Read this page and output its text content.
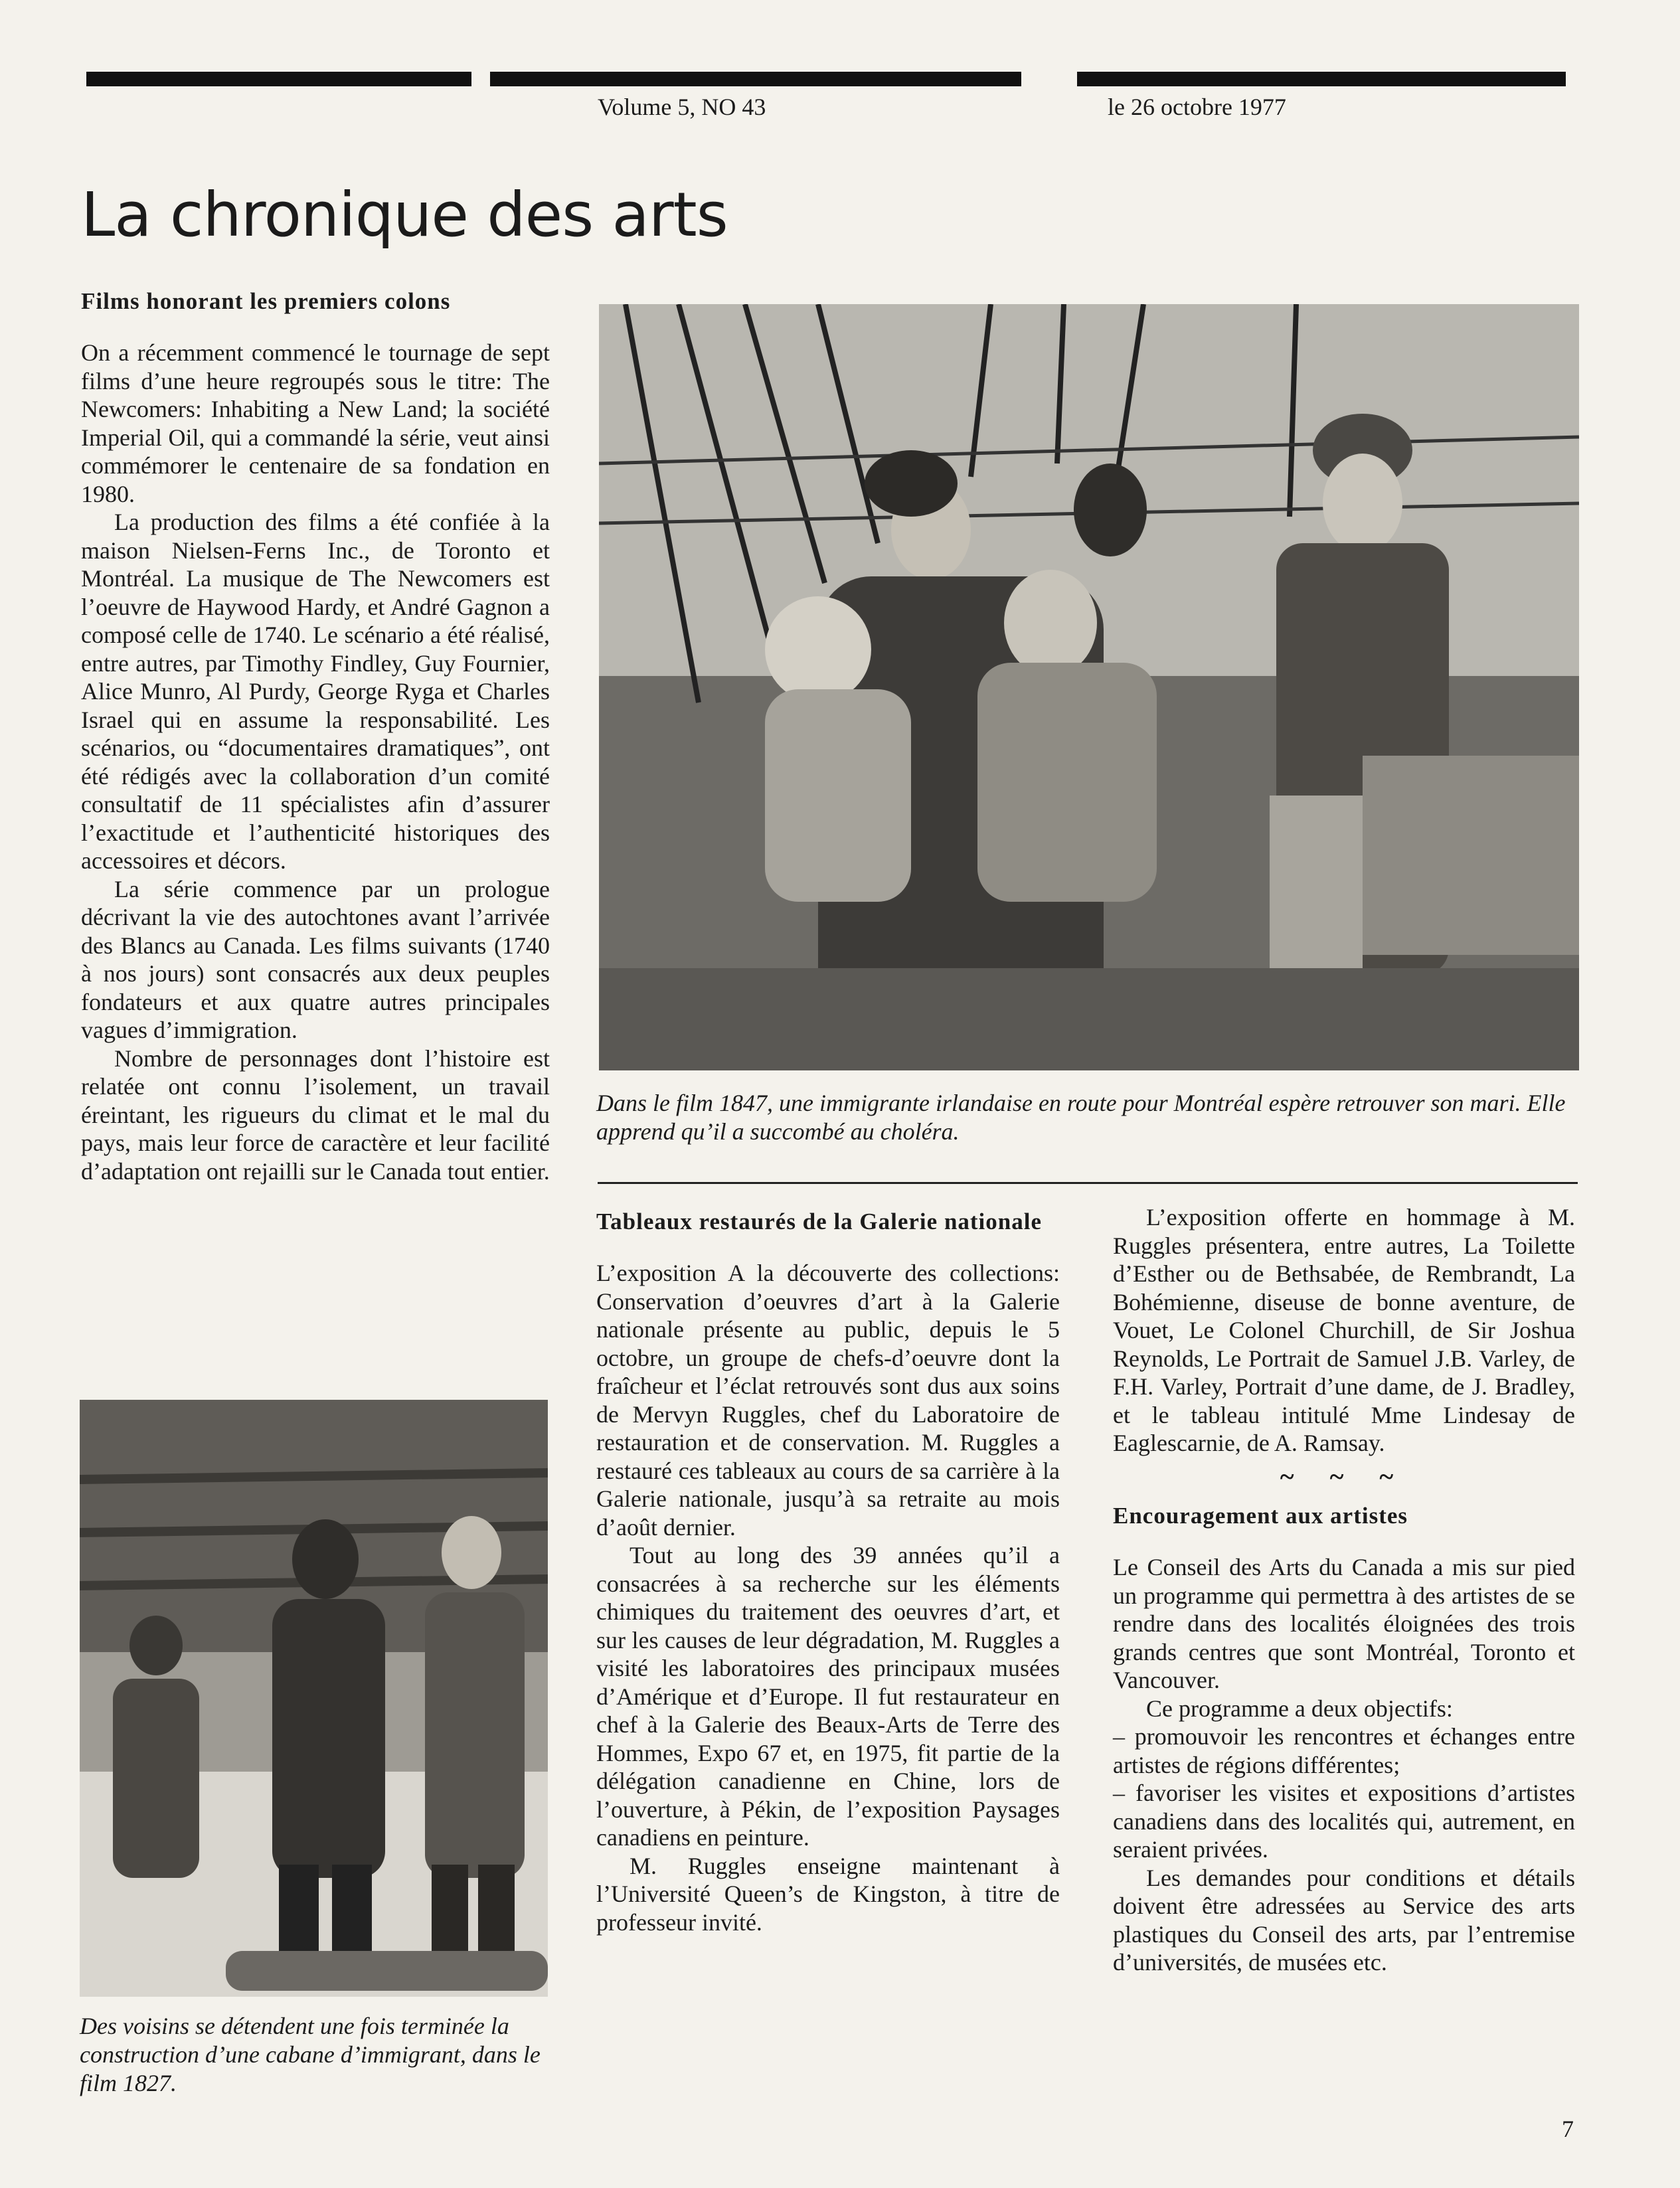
Volume 5, NO 43	le 26 octobre 1977
La chronique des arts
Films honorant les premiers colons

On a récemment commencé le tournage de sept films d’une heure regroupés sous le titre: The Newcomers: Inhabiting a New Land; la société Imperial Oil, qui a commandé la série, veut ainsi commémorer le centenaire de sa fondation en 1980.

La production des films a été confiée à la maison Nielsen-Ferns Inc., de Toronto et Montréal. La musique de The Newcomers est l’oeuvre de Haywood Hardy, et André Gagnon a composé celle de 1740. Le scénario a été réalisé, entre autres, par Timothy Findley, Guy Fournier, Alice Munro, Al Purdy, George Ryga et Charles Israel qui en assume la responsabilité. Les scénarios, ou “documentaires dramatiques”, ont été rédigés avec la collaboration d’un comité consultatif de 11 spécialistes afin d’assurer l’exactitude et l’authenticité historiques des accessoires et décors.

La série commence par un prologue décrivant la vie des autochtones avant l’arrivée des Blancs au Canada. Les films suivants (1740 à nos jours) sont consacrés aux deux peuples fondateurs et aux quatre autres principales vagues d’immigration.

Nombre de personnages dont l’histoire est relatée ont connu l’isolement, un travail éreintant, les rigueurs du climat et le mal du pays, mais leur force de caractère et leur facilité d’adaptation ont rejailli sur le Canada tout entier.

Dans le film 1847, une immigrante irlandaise en route pour Montréal espère retrouver son mari. Elle apprend qu’il a succombé au choléra.
Des voisins se détendent une fois terminée la construction d’une cabane d’immigrant, dans le film 1827.
Tableaux restaurés de la Galerie nationale

L’exposition A la découverte des collections: Conservation d’oeuvres d’art à la Galerie nationale présente au public, depuis le 5 octobre, un groupe de chefs-d’oeuvre dont la fraîcheur et l’éclat retrouvés sont dus aux soins de Mervyn Ruggles, chef du Laboratoire de restauration et de conservation. M. Ruggles a restauré ces tableaux au cours de sa carrière à la Galerie nationale, jusqu’à sa retraite au mois d’août dernier.

Tout au long des 39 années qu’il a consacrées à sa recherche sur les éléments chimiques du traitement des oeuvres d’art, et sur les causes de leur dégradation, M. Ruggles a visité les laboratoires des principaux musées d’Amérique et d’Europe. Il fut restaurateur en chef à la Galerie des Beaux-Arts de Terre des Hommes, Expo 67 et, en 1975, fit partie de la délégation canadienne en Chine, lors de l’ouverture, à Pékin, de l’exposition Paysages canadiens en peinture.

M. Ruggles enseigne maintenant à l’Université Queen’s de Kingston, à titre de professeur invité.

L’exposition offerte en hommage à M. Ruggles présentera, entre autres, La Toilette d’Esther ou de Bethsabée, de Rembrandt, La Bohémienne, diseuse de bonne aventure, de Vouet, Le Colonel Churchill, de Sir Joshua Reynolds, Le Portrait de Samuel J.B. Varley, de F.H. Varley, Portrait d’une dame, de J. Bradley, et le tableau intitulé Mme Lindesay de Eaglescarnie, de A. Ramsay.

~ ~ ~
Encouragement aux artistes

Le Conseil des Arts du Canada a mis sur pied un programme qui permettra à des artistes de se rendre dans des localités éloignées des trois grands centres que sont Montréal, Toronto et Vancouver.

Ce programme a deux objectifs:

– promouvoir les rencontres et échanges entre artistes de régions différentes;

– favoriser les visites et expositions d’artistes canadiens dans des localités qui, autrement, en seraient privées.

Les demandes pour conditions et détails doivent être adressées au Service des arts plastiques du Conseil des arts, par l’entremise d’universités, de musées etc.

7
